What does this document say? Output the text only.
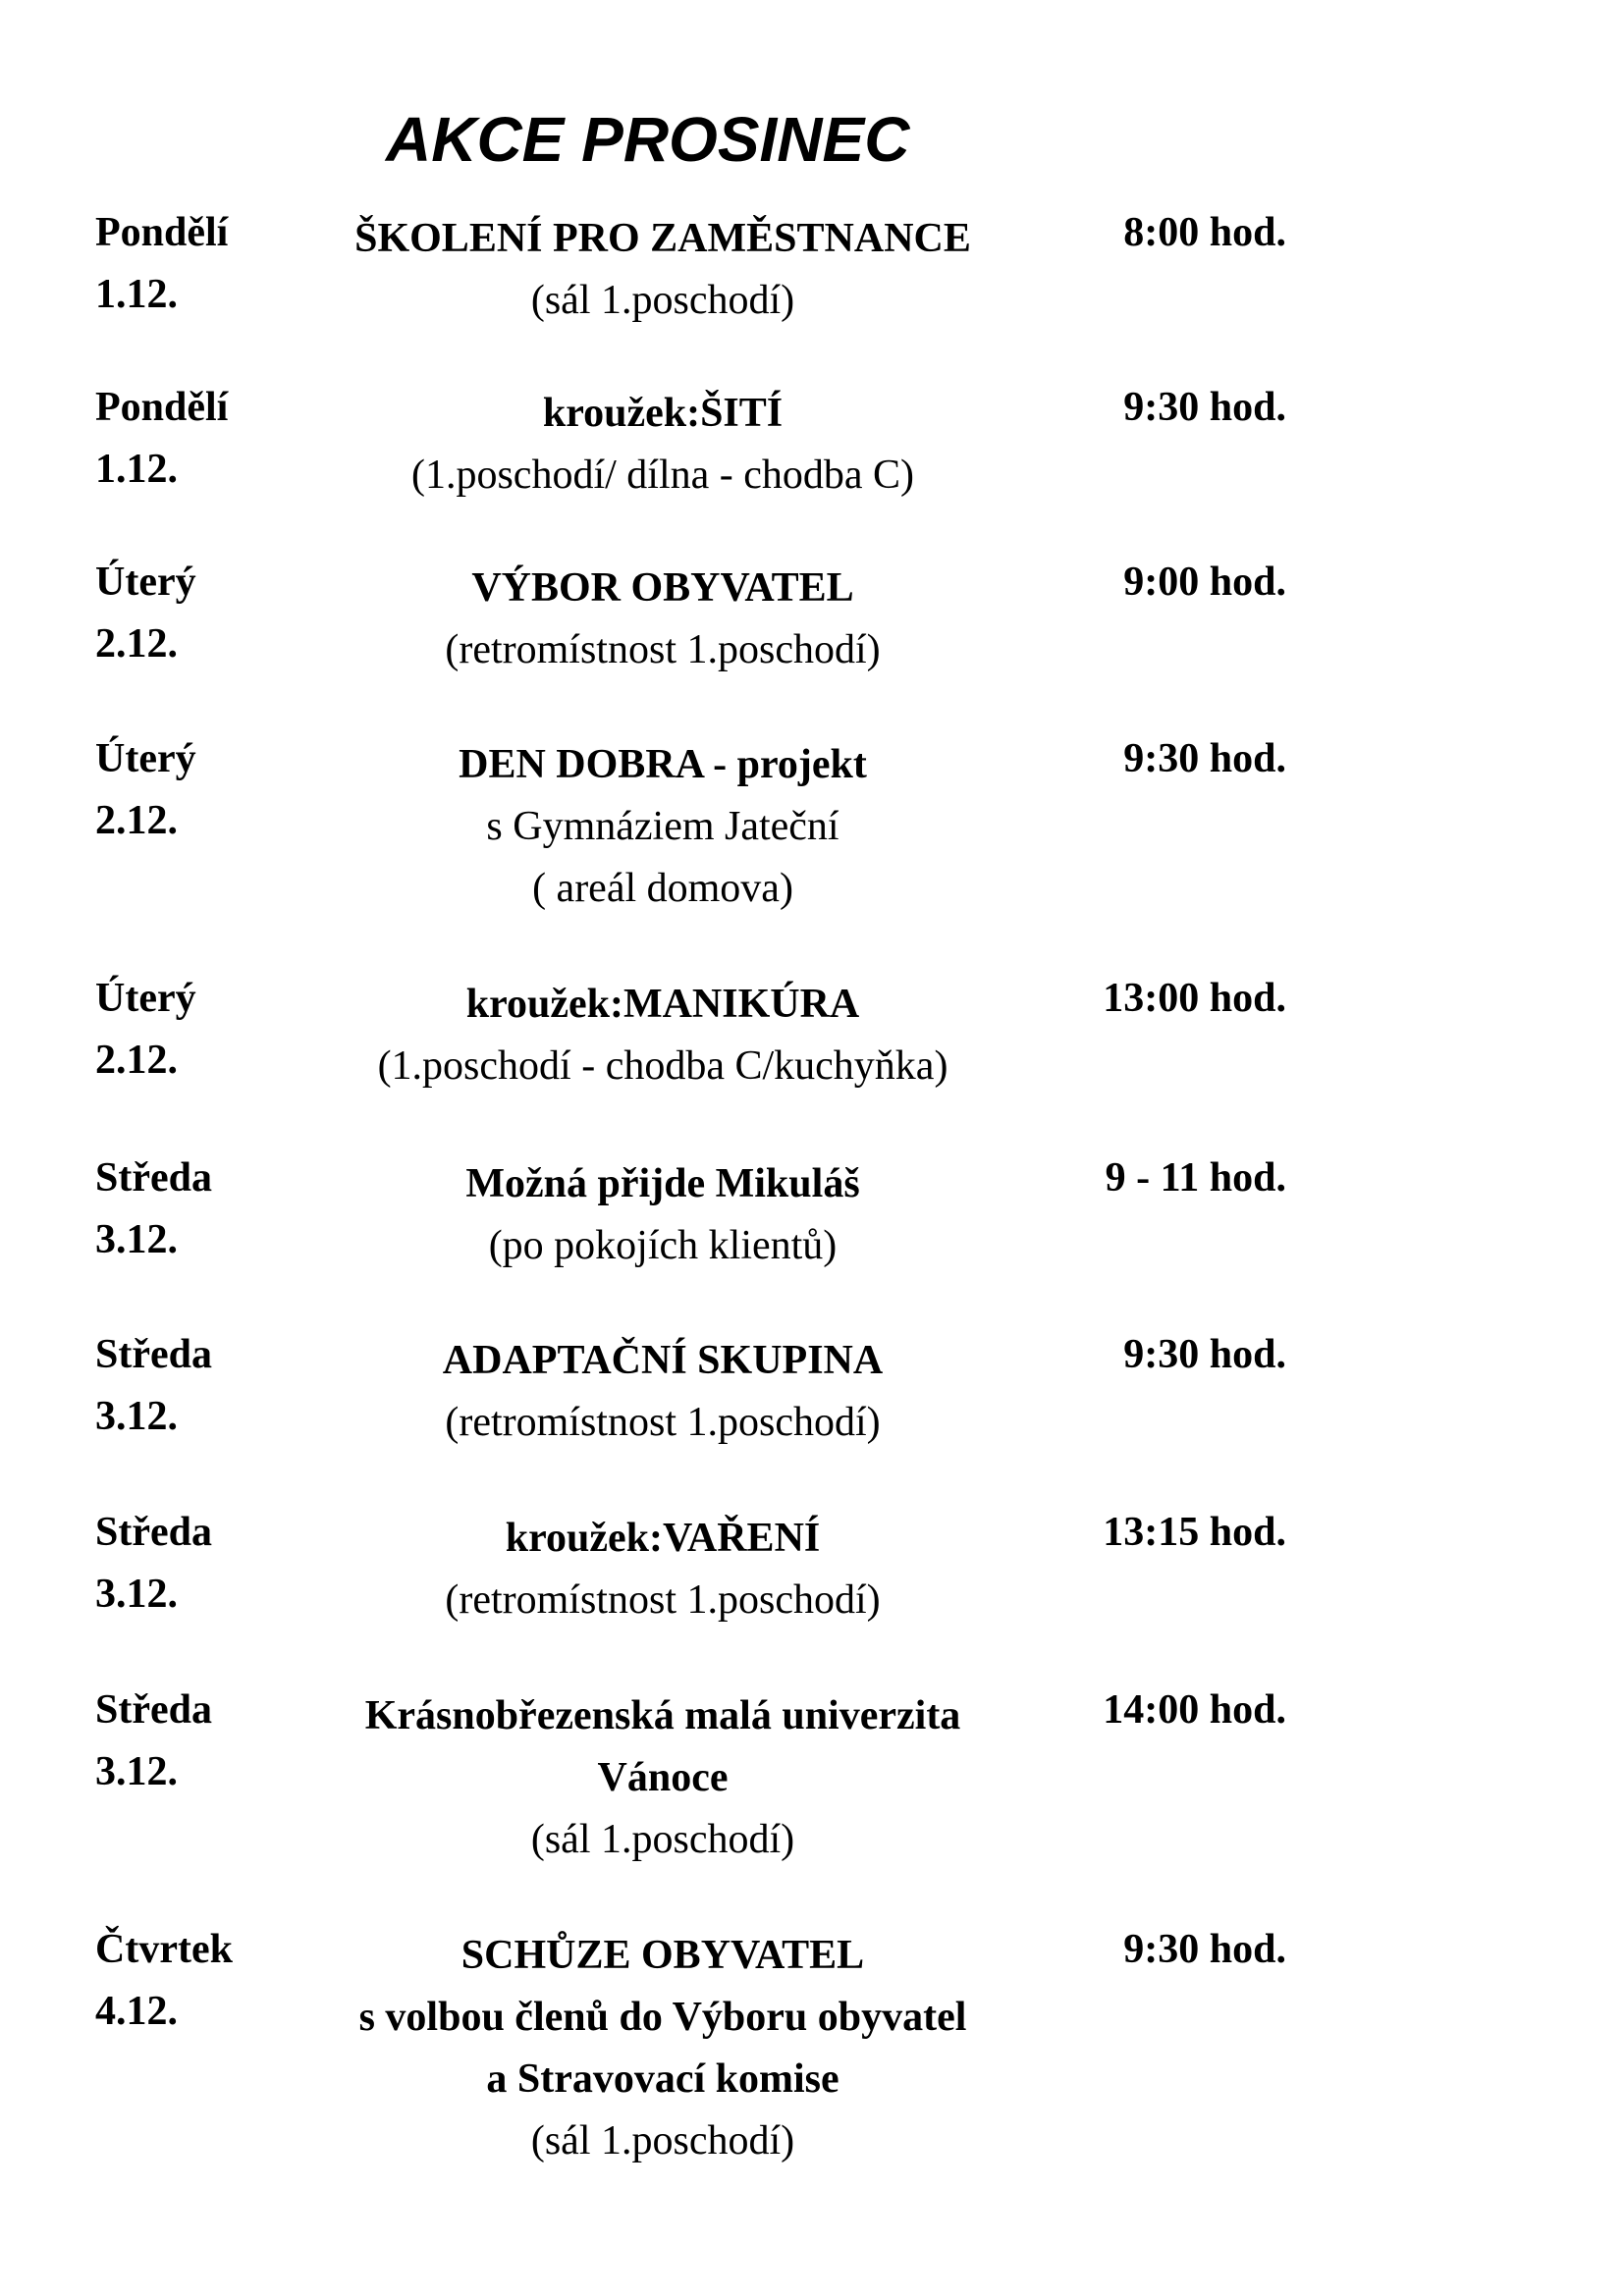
AKCE PROSINEC
Pondělí
1.12.
ŠKOLENÍ PRO ZAMĚSTNANCE
(sál 1.poschodí)
8:00 hod.
Pondělí
1.12.
kroužek:ŠITÍ
(1.poschodí/ dílna - chodba C)
9:30 hod.
Úterý
2.12.
VÝBOR OBYVATEL
(retromístnost 1.poschodí)
9:00 hod.
Úterý
2.12.
DEN DOBRA - projekt
s Gymnáziem Jateční
( areál domova)
9:30 hod.
Úterý
2.12.
kroužek:MANIKÚRA
(1.poschodí - chodba C/kuchyňka)
13:00 hod.
Středa
3.12.
Možná přijde Mikuláš
(po pokojích klientů)
9 - 11 hod.
Středa
3.12.
ADAPTAČNÍ SKUPINA
(retromístnost 1.poschodí)
9:30 hod.
Středa
3.12.
kroužek:VAŘENÍ
(retromístnost 1.poschodí)
13:15 hod.
Středa
3.12.
Krásnobřezenská malá univerzita
Vánoce
(sál 1.poschodí)
14:00 hod.
Čtvrtek
4.12.
SCHŮZE OBYVATEL
s volbou členů do Výboru obyvatel
a Stravovací komise
(sál 1.poschodí)
9:30 hod.
